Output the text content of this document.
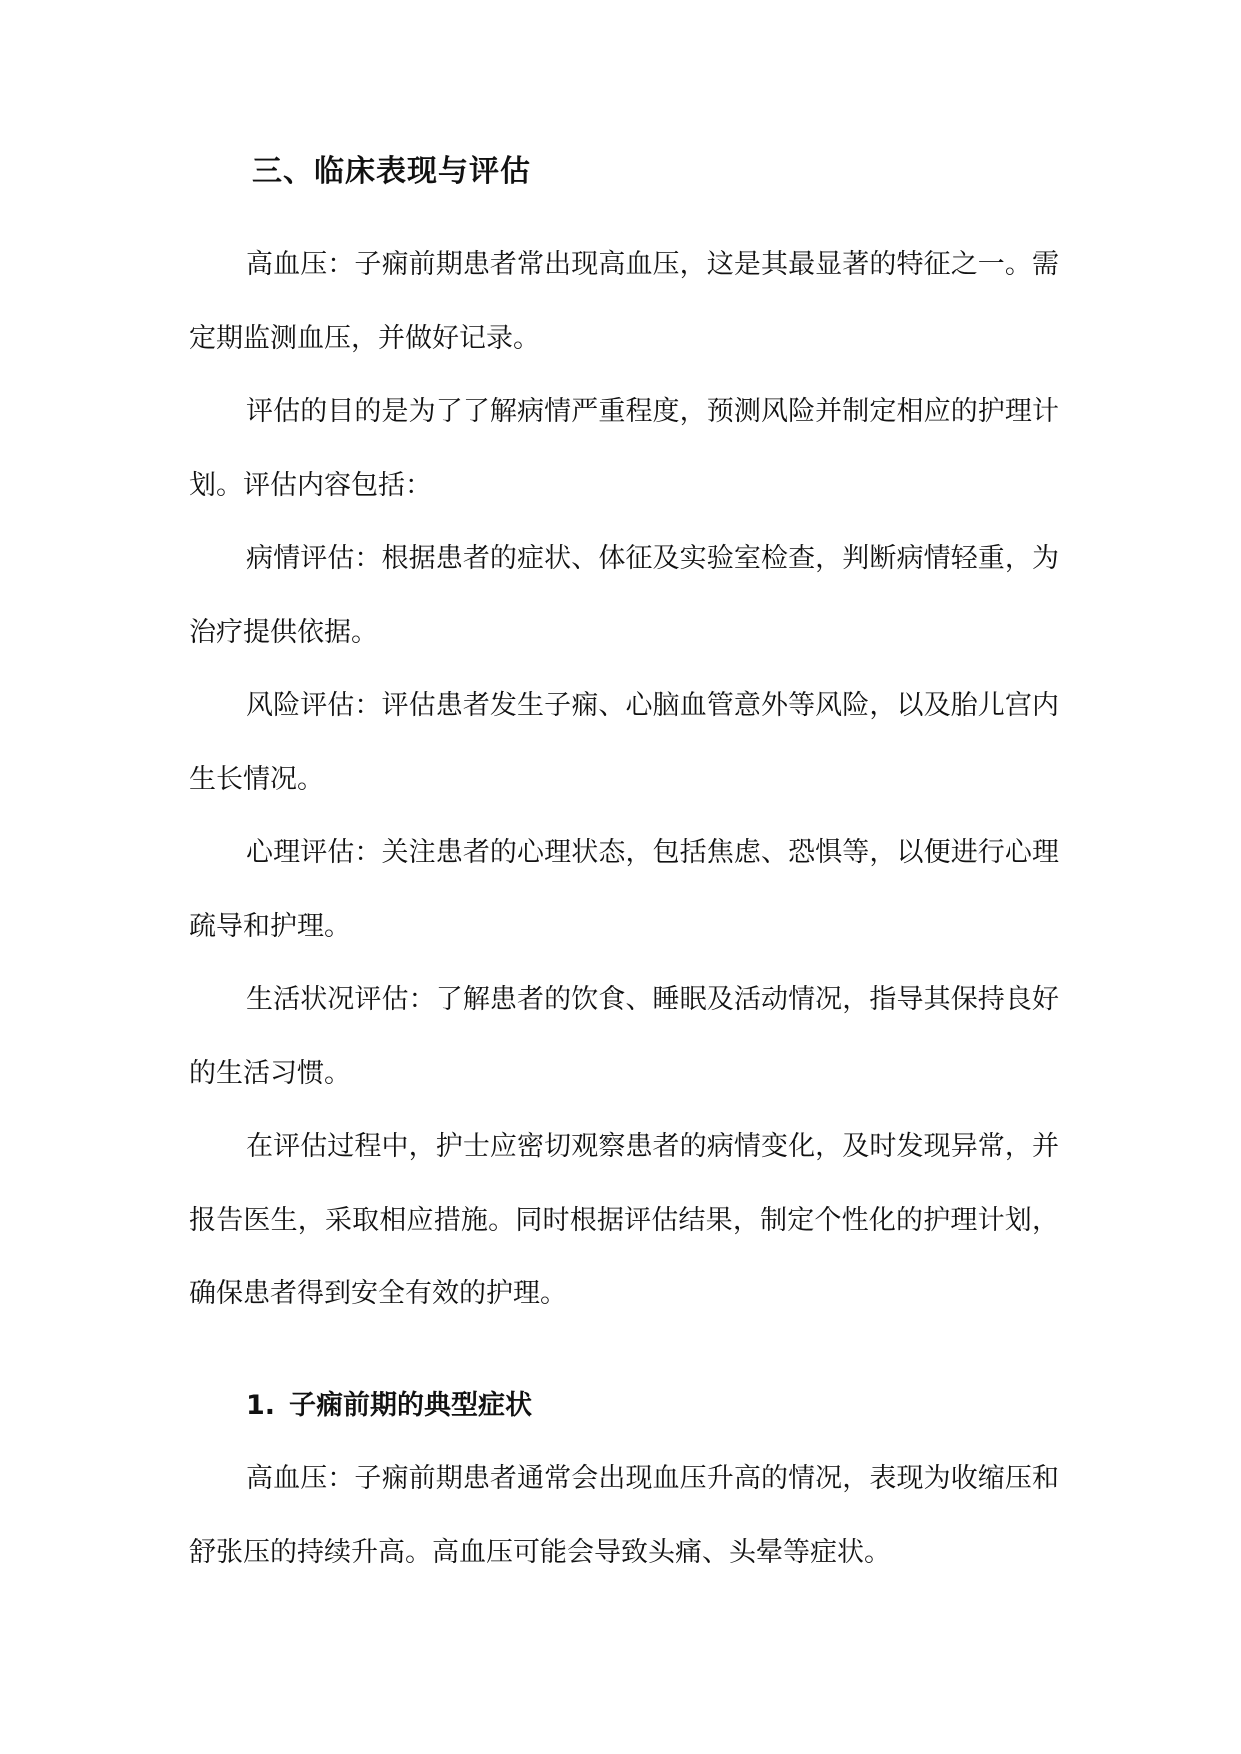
三、临床表现与评估

高血压：子痫前期患者常出现高血压，这是其最显著的特征之一。需定期监测血压，并做好记录。

评估的目的是为了了解病情严重程度，预测风险并制定相应的护理计划。评估内容包括：

病情评估：根据患者的症状、体征及实验室检查，判断病情轻重，为治疗提供依据。

风险评估：评估患者发生子痫、心脑血管意外等风险，以及胎儿宫内生长情况。

心理评估：关注患者的心理状态，包括焦虑、恐惧等，以便进行心理疏导和护理。

生活状况评估：了解患者的饮食、睡眠及活动情况，指导其保持良好的生活习惯。

在评估过程中，护士应密切观察患者的病情变化，及时发现异常，并报告医生，采取相应措施。同时根据评估结果，制定个性化的护理计划，确保患者得到安全有效的护理。

1. 子痫前期的典型症状

高血压：子痫前期患者通常会出现血压升高的情况，表现为收缩压和舒张压的持续升高。高血压可能会导致头痛、头晕等症状。
